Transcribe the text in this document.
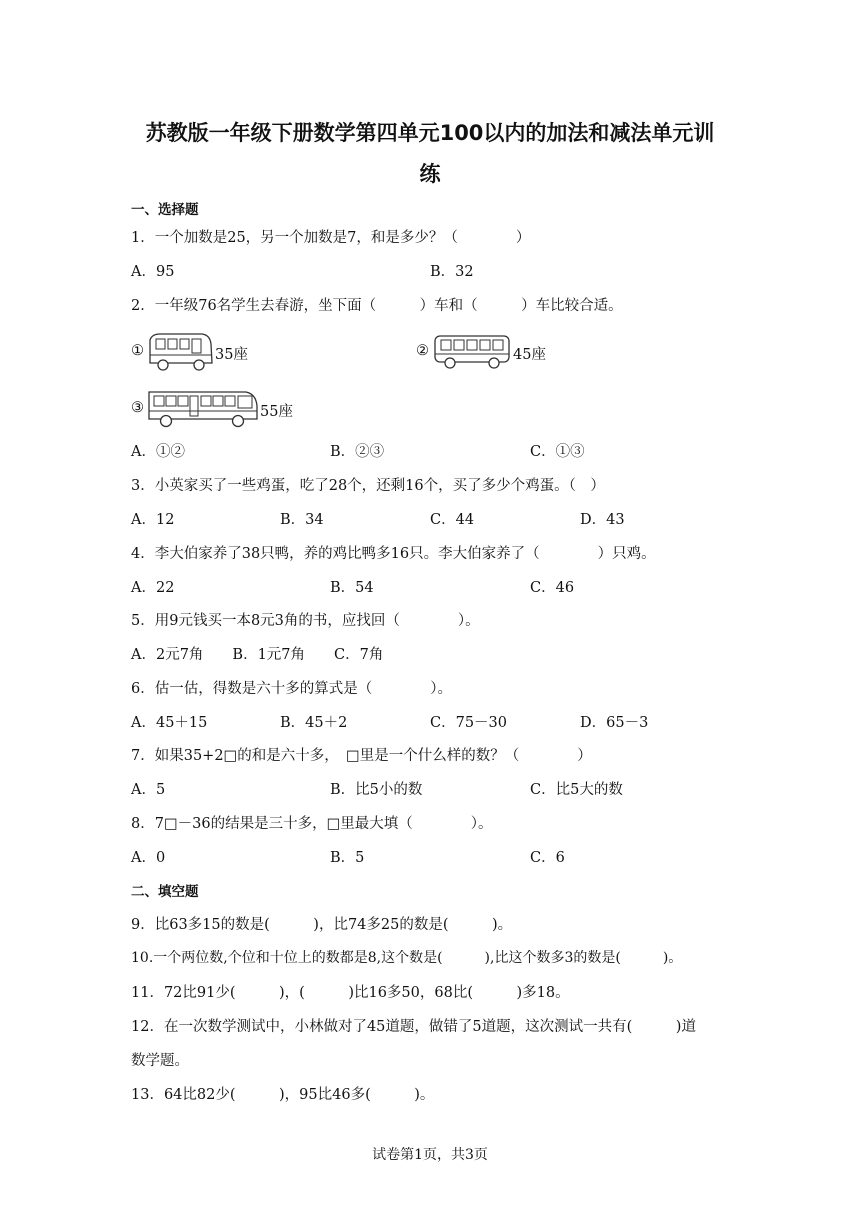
苏教版一年级下册数学第四单元100以内的加法和减法单元训
练
一、选择题
1．一个加数是25，另一个加数是7，和是多少？（　　　　）
A．95	B．32
2．一年级76名学生去春游，坐下面（　　　）车和（　　　）车比较合适。
①	35座	②	45座
③	55座
A．①②	B．②③	C．①③
3．小英家买了一些鸡蛋，吃了28个，还剩16个，买了多少个鸡蛋。（　）
A．12	B．34	C．44	D．43
4．李大伯家养了38只鸭，养的鸡比鸭多16只。李大伯家养了（　　　　）只鸡。
A．22	B．54	C．46
5．用9元钱买一本8元3角的书，应找回（　　　　）。
A．2元7角　　B．1元7角　　C．7角
6．估一估，得数是六十多的算式是（　　　　）。
A．45＋15	B．45＋2	C．75－30	D．65－3
7．如果35+2□的和是六十多，　□里是一个什么样的数？（　　　　）
A．5	B．比5小的数	C．比5大的数
8．7□－36的结果是三十多，□里最大填（　　　　）。
A．0	B．5	C．6
二、填空题
9．比63多15的数是(　　　)，比74多25的数是(　　　)。
10.一个两位数,个位和十位上的数都是8,这个数是(　　　),比这个数多3的数是(　　　)。
11．72比91少(　　　)，(　　　)比16多50，68比(　　　)多18。
12．在一次数学测试中，小林做对了45道题，做错了5道题，这次测试一共有(　　　)道
数学题。
13．64比82少(　　　)，95比46多(　　　)。
试卷第1页，共3页
